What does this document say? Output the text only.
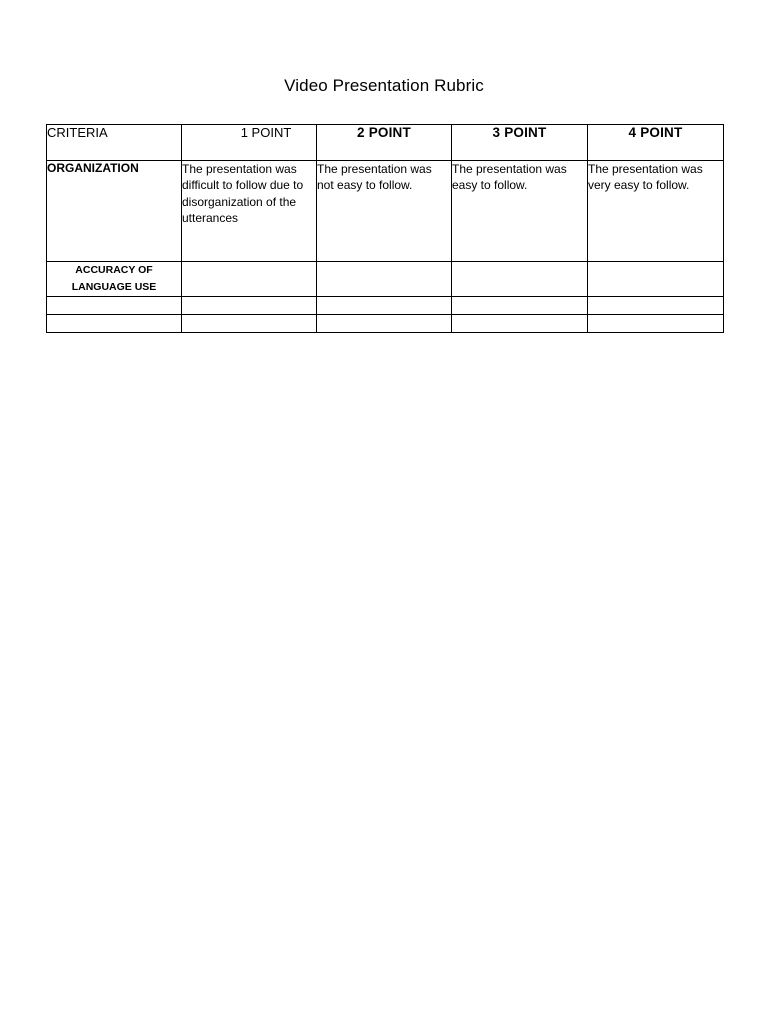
Video Presentation Rubric
CRITERIA	1 POINT	2 POINT	3 POINT	4 POINT
ORGANIZATION	The presentation was difficult to follow due to disorganization of the utterances	The presentation was not easy to follow.	The presentation was easy to follow.	The presentation was very easy to follow.

ACCURACY OF
LANGUAGE USE				
